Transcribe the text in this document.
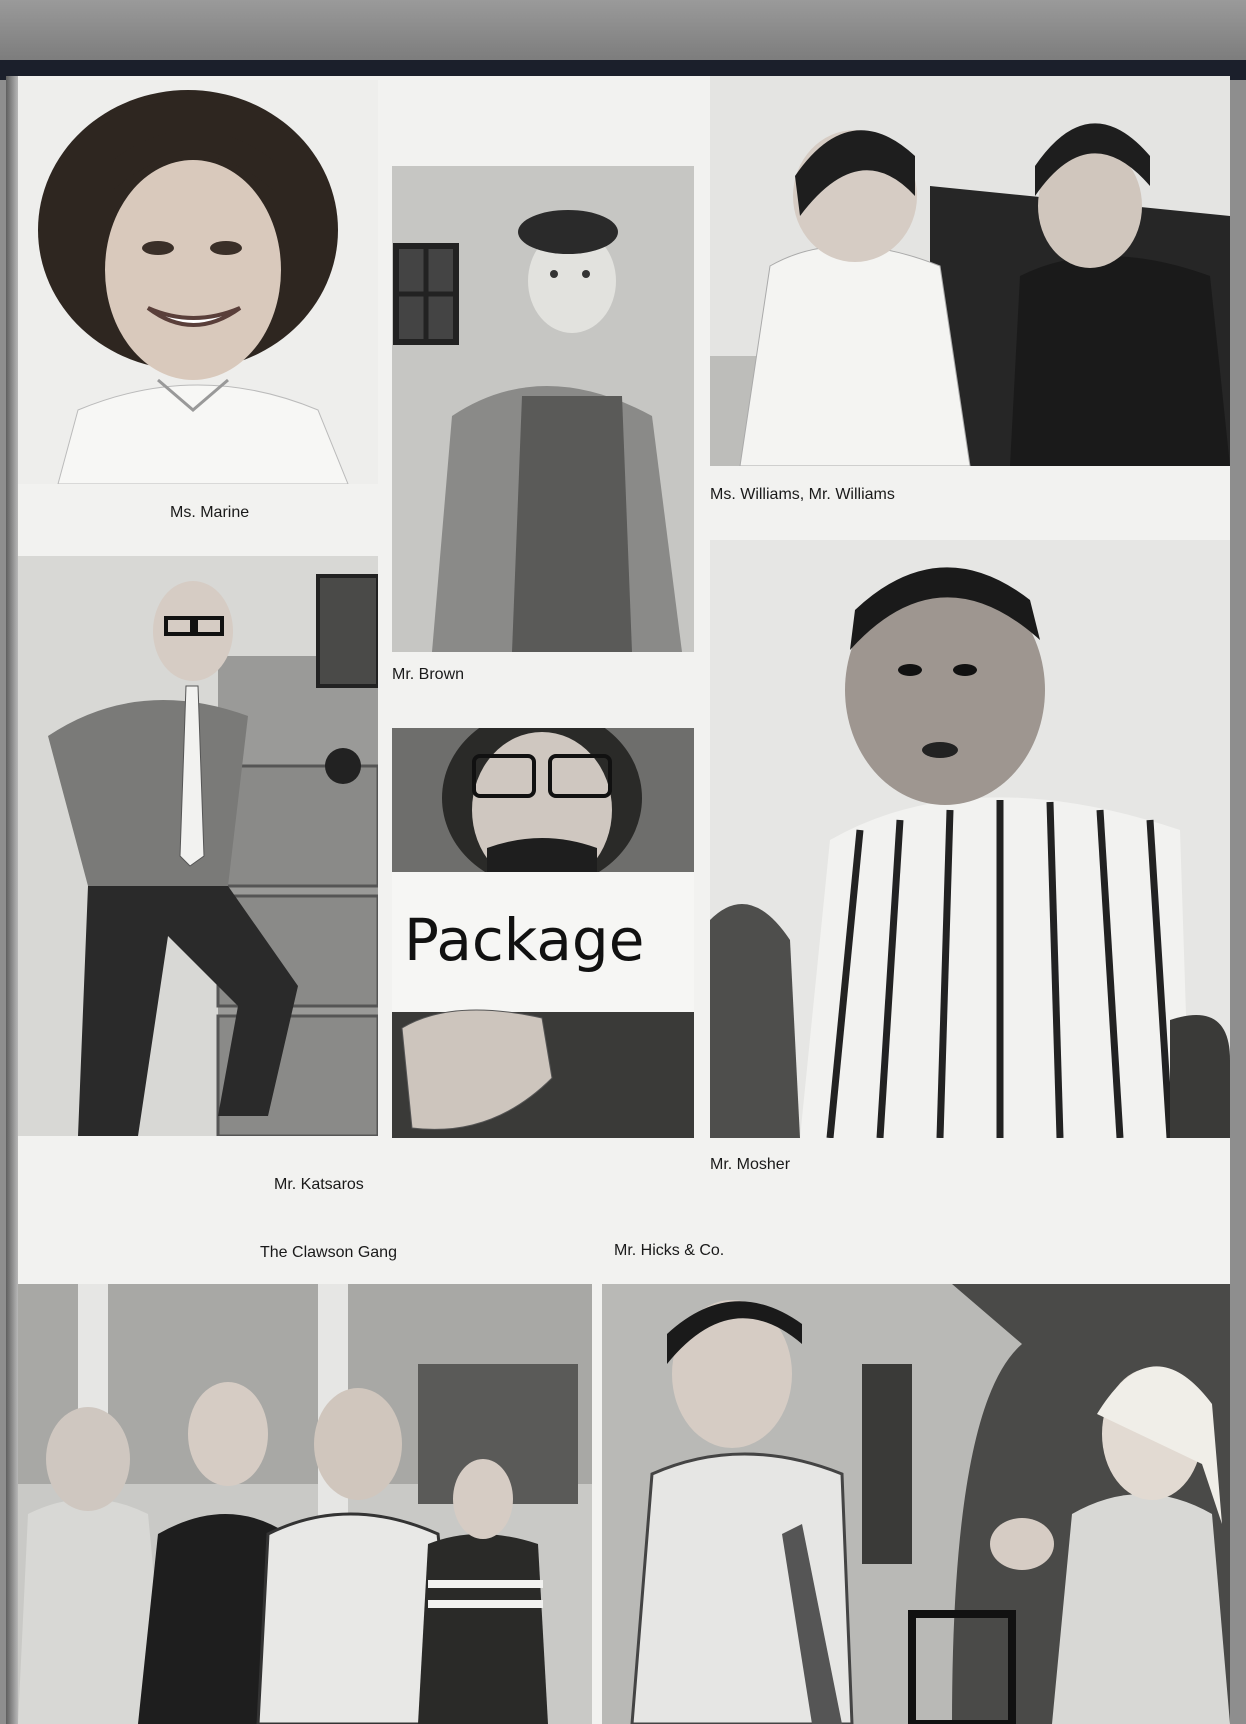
Ms. Marine

Mr. Brown

Ms. Williams, Mr. Williams

Mr. Katsaros

Package

Mr. Mosher

The Clawson Gang	Mr. Hicks & Co.
